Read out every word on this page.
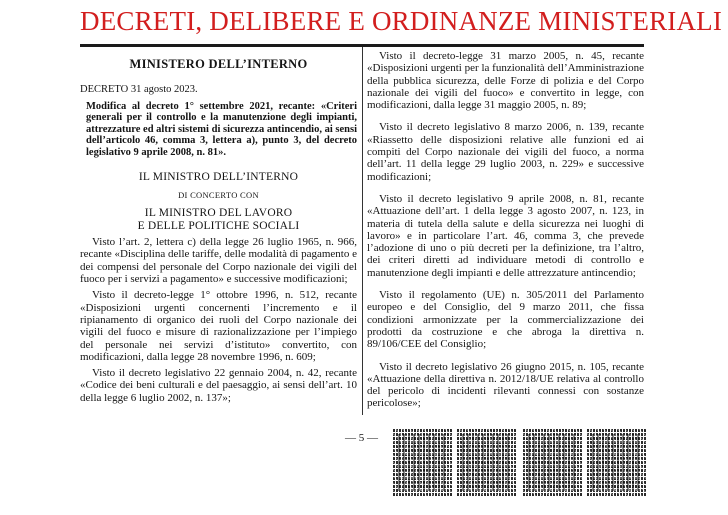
DECRETI, DELIBERE E ORDINANZE MINISTERIALI

MINISTERO DELL’INTERNO

DECRETO 31 agosto 2023.

Modifica al decreto 1° settembre 2021, recante: «Criteri generali per il controllo e la manutenzione degli impianti, attrezzature ed altri sistemi di sicurezza antincendio, ai sensi dell’articolo 46, comma 3, lettera a), punto 3, del decreto legislativo 9 aprile 2008, n. 81».

IL MINISTRO DELL’INTERNO

DI CONCERTO CON

IL MINISTRO DEL LAVORO
E DELLE POLITICHE SOCIALI

Visto l’art. 2, lettera c) della legge 26 luglio 1965, n. 966, recante «Disciplina delle tariffe, delle modalità di pagamento e dei compensi del personale del Corpo nazionale dei vigili del fuoco per i servizi a pagamento» e successive modificazioni;

Visto il decreto-legge 1° ottobre 1996, n. 512, recante «Disposizioni urgenti concernenti l’incremento e il ripianamento di organico dei ruoli del Corpo nazionale dei vigili del fuoco e misure di razionalizzazione per l’impiego del personale nei servizi d’istituto» convertito, con modificazioni, dalla legge 28 novembre 1996, n. 609;

Visto il decreto legislativo 22 gennaio 2004, n. 42, recante «Codice dei beni culturali e del paesaggio, ai sensi dell’art. 10 della legge 6 luglio 2002, n. 137»;

Visto il decreto-legge 31 marzo 2005, n. 45, recante «Disposizioni urgenti per la funzionalità dell’Amministrazione della pubblica sicurezza, delle Forze di polizia e del Corpo nazionale dei vigili del fuoco» e convertito in legge, con modificazioni, dalla legge 31 maggio 2005, n. 89;

Visto il decreto legislativo 8 marzo 2006, n. 139, recante «Riassetto delle disposizioni relative alle funzioni ed ai compiti del Corpo nazionale dei vigili del fuoco, a norma dell’art. 11 della legge 29 luglio 2003, n. 229» e successive modificazioni;

Visto il decreto legislativo 9 aprile 2008, n. 81, recante «Attuazione dell’art. 1 della legge 3 agosto 2007, n. 123, in materia di tutela della salute e della sicurezza nei luoghi di lavoro» e in particolare l’art. 46, comma 3, che prevede l’adozione di uno o più decreti per la definizione, tra l’altro, dei criteri diretti ad individuare metodi di controllo e manutenzione degli impianti e delle attrezzature antincendio;

Visto il regolamento (UE) n. 305/2011 del Parlamento europeo e del Consiglio, del 9 marzo 2011, che fissa condizioni armonizzate per la commercializzazione dei prodotti da costruzione e che abroga la direttiva n. 89/106/CEE del Consiglio;

Visto il decreto legislativo 26 giugno 2015, n. 105, recante «Attuazione della direttiva n. 2012/18/UE relativa al controllo del pericolo di incidenti rilevanti connessi con sostanze pericolose»;

— 5 —
